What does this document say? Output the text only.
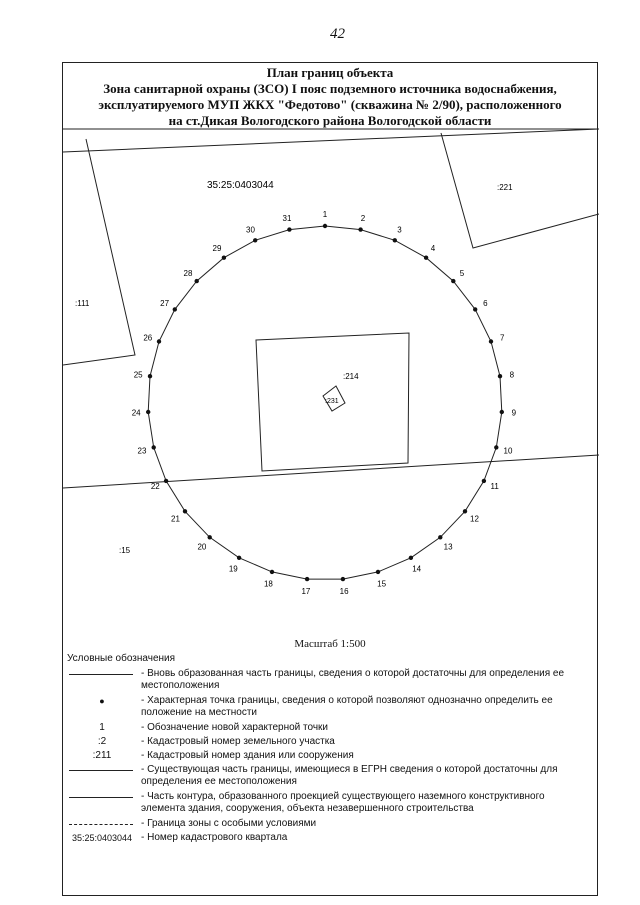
42
План границ объекта
Зона санитарной охраны (ЗСО) I пояс подземного источника водоснабжения,
эксплуатируемого МУП ЖКХ "Федотово" (скважина № 2/90), расположенного
на ст.Дикая Вологодского района Вологодской области
1	2
3
4
5
6
7
8
9
10
11
12
13
14
15
16
17
18
19
20
21
22
23
24
25
26
27
28
29
30
31
35:25:0403044	:221
:111
:15
:214
:231
Масштаб 1:500
Условные обозначения
- Вновь образованная часть границы, сведения о которой достаточны для определения ее местоположения
●	- Характерная точка границы, сведения о которой позволяют однозначно определить ее положение на местности
1	- Обозначение новой характерной точки
:2	- Кадастровый номер земельного участка
:211	- Кадастровый номер здания или сооружения
- Существующая часть границы, имеющиеся в ЕГРН сведения о которой достаточны для определения ее местоположения
- Часть контура, образованного проекцией существующего наземного конструктивного элемента здания, сооружения, объекта незавершенного строительства
- Граница зоны с особыми условиями
35:25:0403044 - Номер кадастрового квартала
